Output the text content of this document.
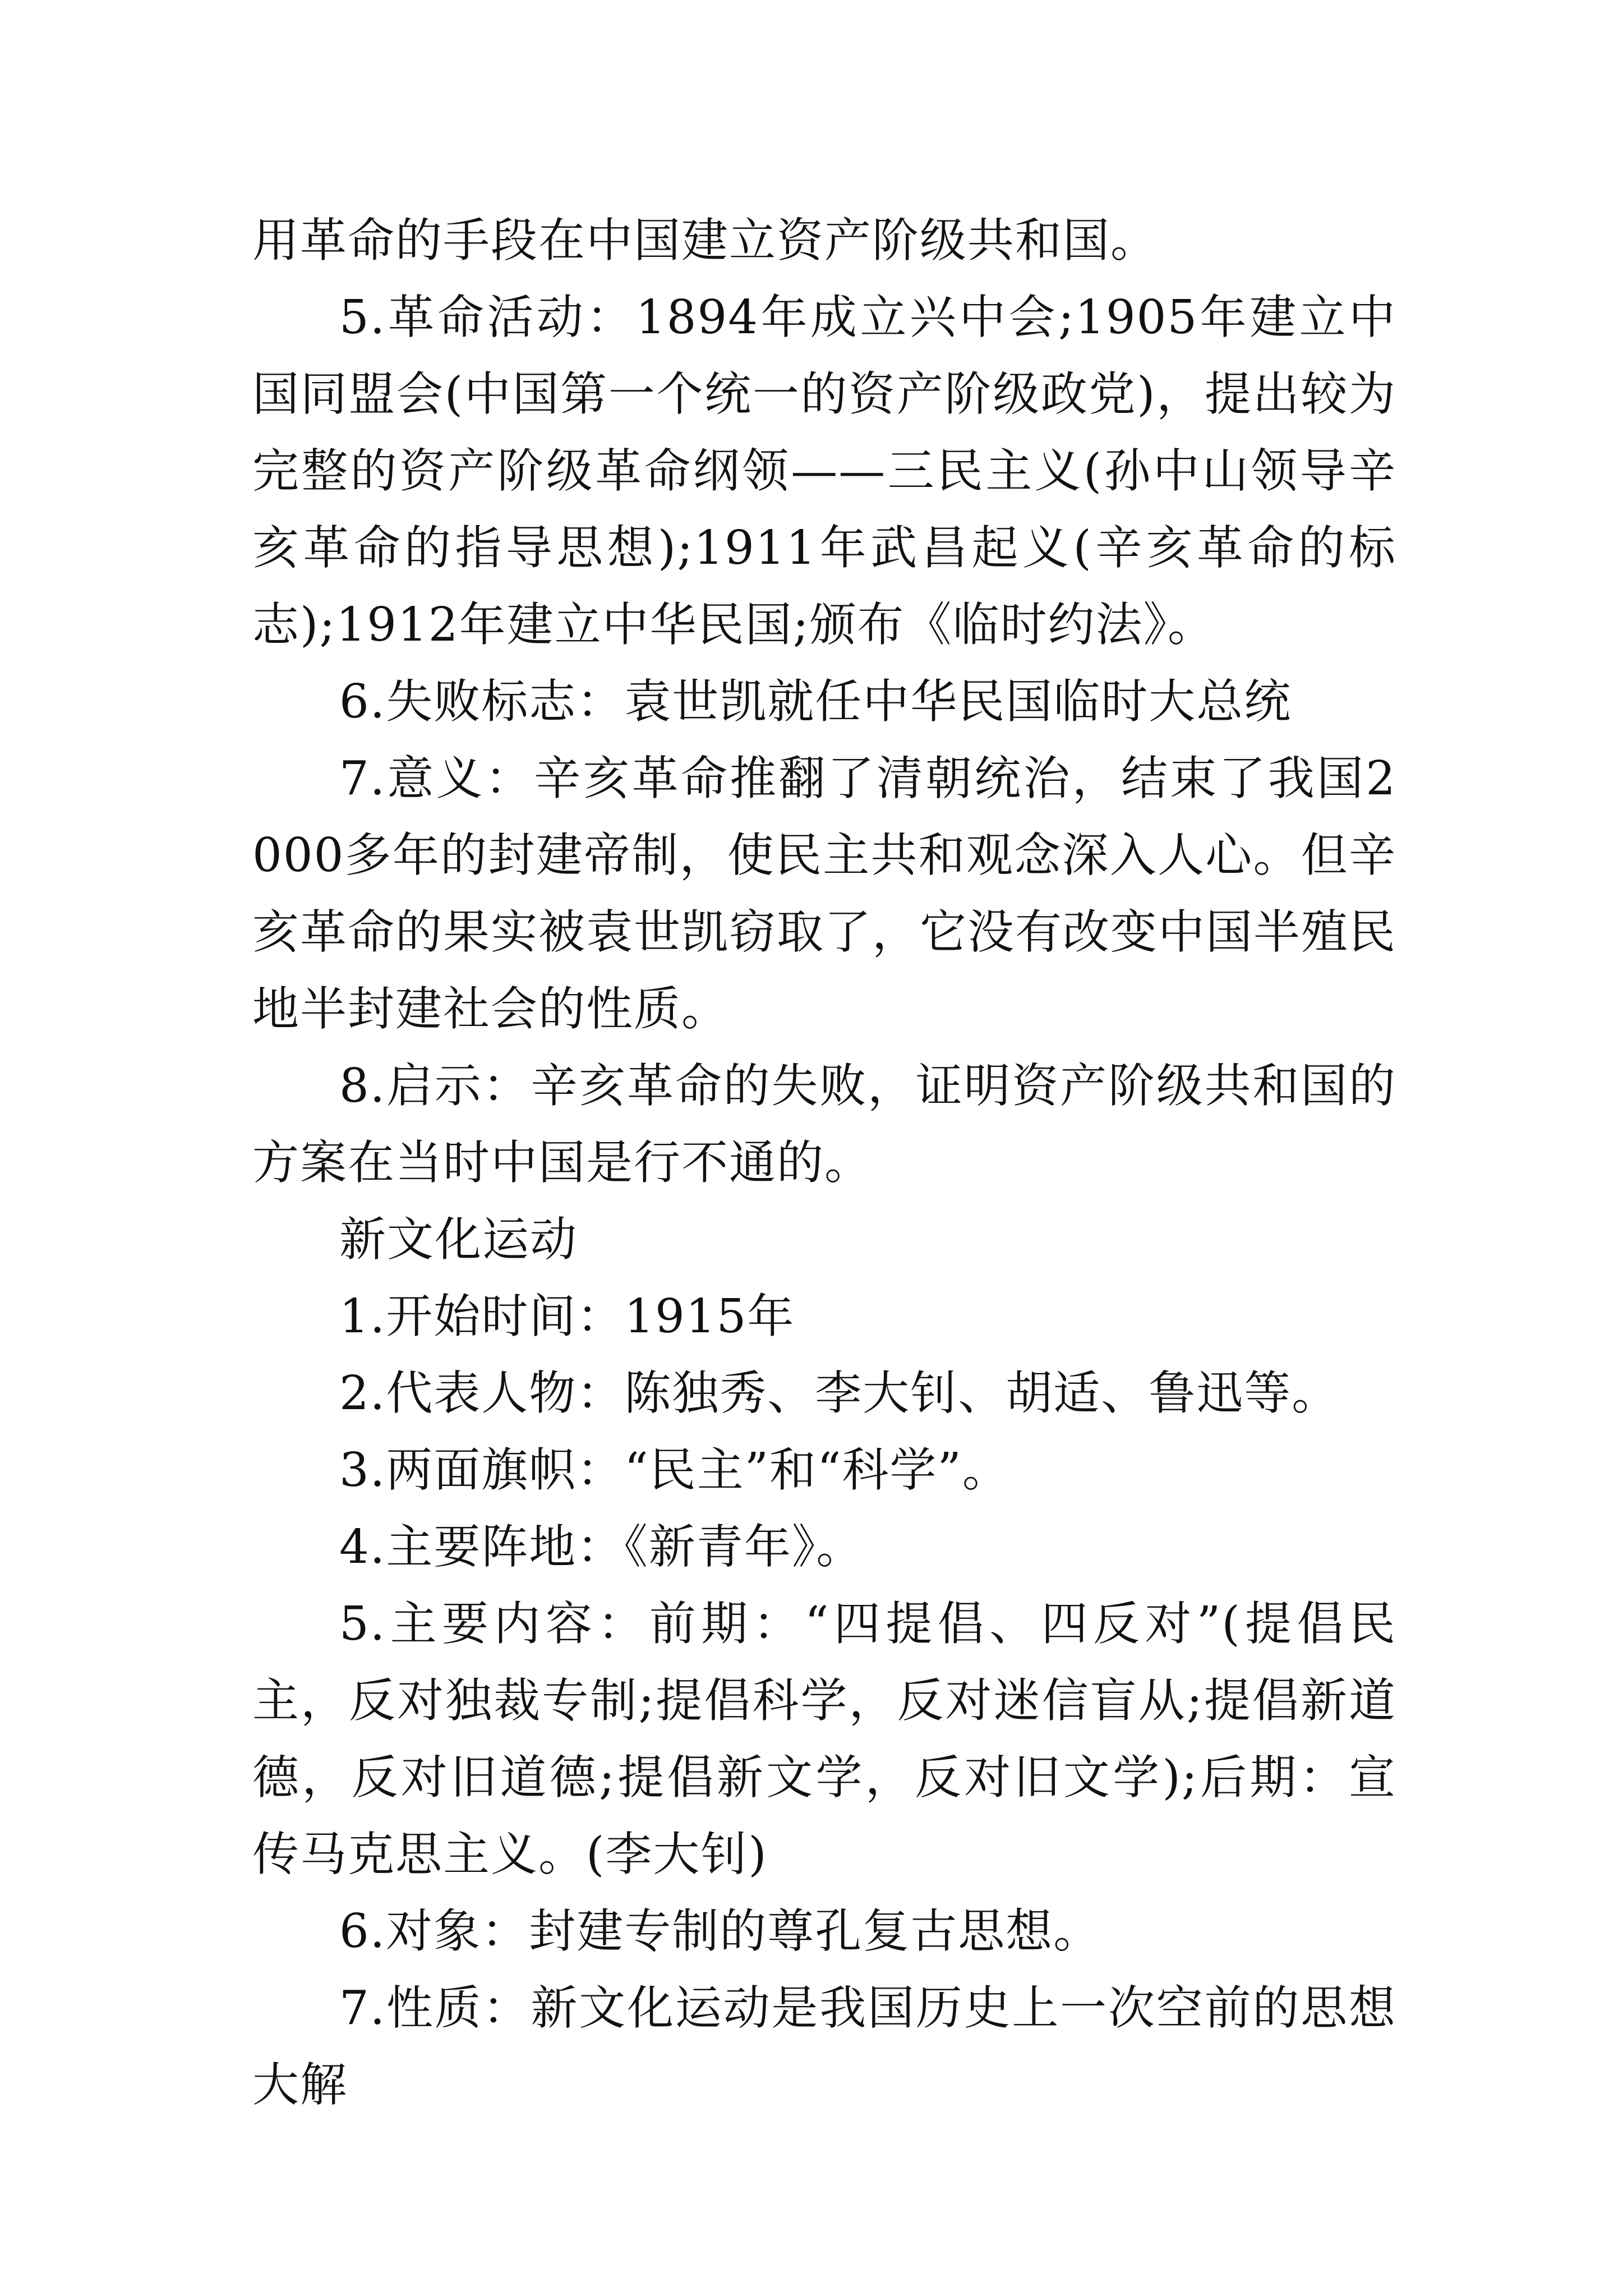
用革命的手段在中国建立资产阶级共和国。

5.革命活动：1894年成立兴中会;1905年建立中国同盟会(中国第一个统一的资产阶级政党)，提出较为完整的资产阶级革命纲领——三民主义(孙中山领导辛亥革命的指导思想);1911年武昌起义(辛亥革命的标志);1912年建立中华民国;颁布《临时约法》。

6.失败标志：袁世凯就任中华民国临时大总统

7.意义：辛亥革命推翻了清朝统治，结束了我国2000多年的封建帝制，使民主共和观念深入人心。但辛亥革命的果实被袁世凯窃取了，它没有改变中国半殖民地半封建社会的性质。

8.启示：辛亥革命的失败，证明资产阶级共和国的方案在当时中国是行不通的。

新文化运动

1.开始时间：1915年

2.代表人物：陈独秀、李大钊、胡适、鲁迅等。

3.两面旗帜：“民主”和“科学”。

4.主要阵地：《新青年》。

5.主要内容：前期：“四提倡、四反对”(提倡民主，反对独裁专制;提倡科学，反对迷信盲从;提倡新道德，反对旧道德;提倡新文学，反对旧文学);后期：宣传马克思主义。(李大钊)

6.对象：封建专制的尊孔复古思想。

7.性质：新文化运动是我国历史上一次空前的思想大解
